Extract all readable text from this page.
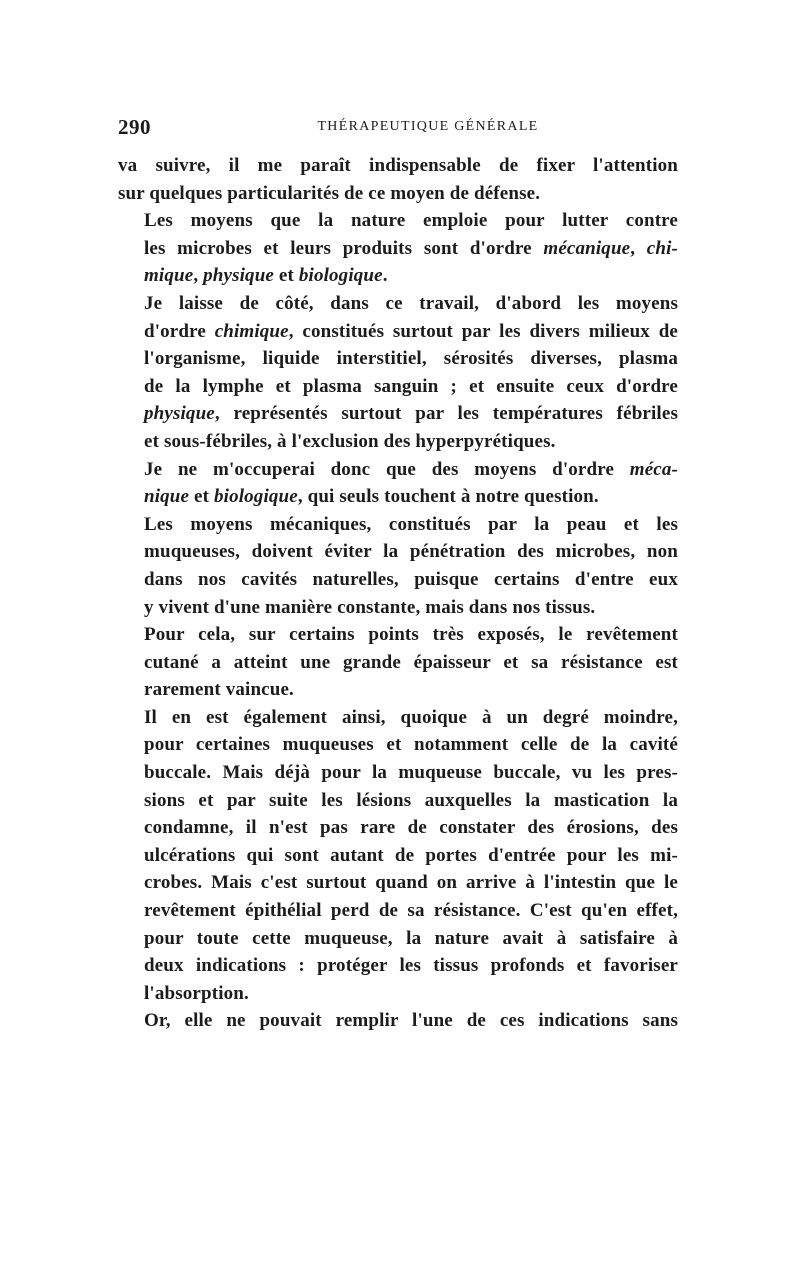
290	THÉRAPEUTIQUE GÉNÉRALE

va suivre, il me paraît indispensable de fixer l'attention
sur quelques particularités de ce moyen de défense.

Les moyens que la nature emploie pour lutter contre
les microbes et leurs produits sont d'ordre mécanique, chi-
mique, physique et biologique.

Je laisse de côté, dans ce travail, d'abord les moyens
d'ordre chimique, constitués surtout par les divers milieux de
l'organisme, liquide interstitiel, sérosités diverses, plasma
de la lymphe et plasma sanguin ; et ensuite ceux d'ordre
physique, représentés surtout par les températures fébriles
et sous-fébriles, à l'exclusion des hyperpyrétiques.

Je ne m'occuperai donc que des moyens d'ordre méca-
nique et biologique, qui seuls touchent à notre question.

Les moyens mécaniques, constitués par la peau et les
muqueuses, doivent éviter la pénétration des microbes, non
dans nos cavités naturelles, puisque certains d'entre eux
y vivent d'une manière constante, mais dans nos tissus.

Pour cela, sur certains points très exposés, le revêtement
cutané a atteint une grande épaisseur et sa résistance est
rarement vaincue.

Il en est également ainsi, quoique à un degré moindre,
pour certaines muqueuses et notamment celle de la cavité
buccale. Mais déjà pour la muqueuse buccale, vu les pres-
sions et par suite les lésions auxquelles la mastication la
condamne, il n'est pas rare de constater des érosions, des
ulcérations qui sont autant de portes d'entrée pour les mi-
crobes. Mais c'est surtout quand on arrive à l'intestin que le
revêtement épithélial perd de sa résistance. C'est qu'en effet,
pour toute cette muqueuse, la nature avait à satisfaire à
deux indications : protéger les tissus profonds et favoriser
l'absorption.

Or, elle ne pouvait remplir l'une de ces indications sans
